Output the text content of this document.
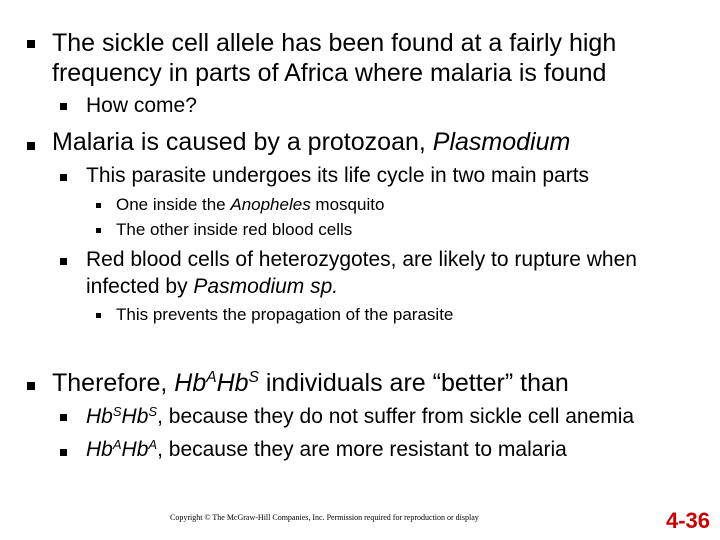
The sickle cell allele has been found at a fairly high
frequency in parts of Africa where malaria is found
How come?
Malaria is caused by a protozoan, Plasmodium
This parasite undergoes its life cycle in two main parts
One inside the Anopheles mosquito
The other inside red blood cells
Red blood cells of heterozygotes, are likely to rupture when
infected by Pasmodium sp.
This prevents the propagation of the parasite
Therefore, $Hb^AHb^S$ individuals are “better” than
$Hb^SHb^S$, because they do not suffer from sickle cell anemia
$Hb^AHb^A$, because they are more resistant to malaria
Copyright © The McGraw-Hill Companies, Inc. Permission required for reproduction or display	4-36
